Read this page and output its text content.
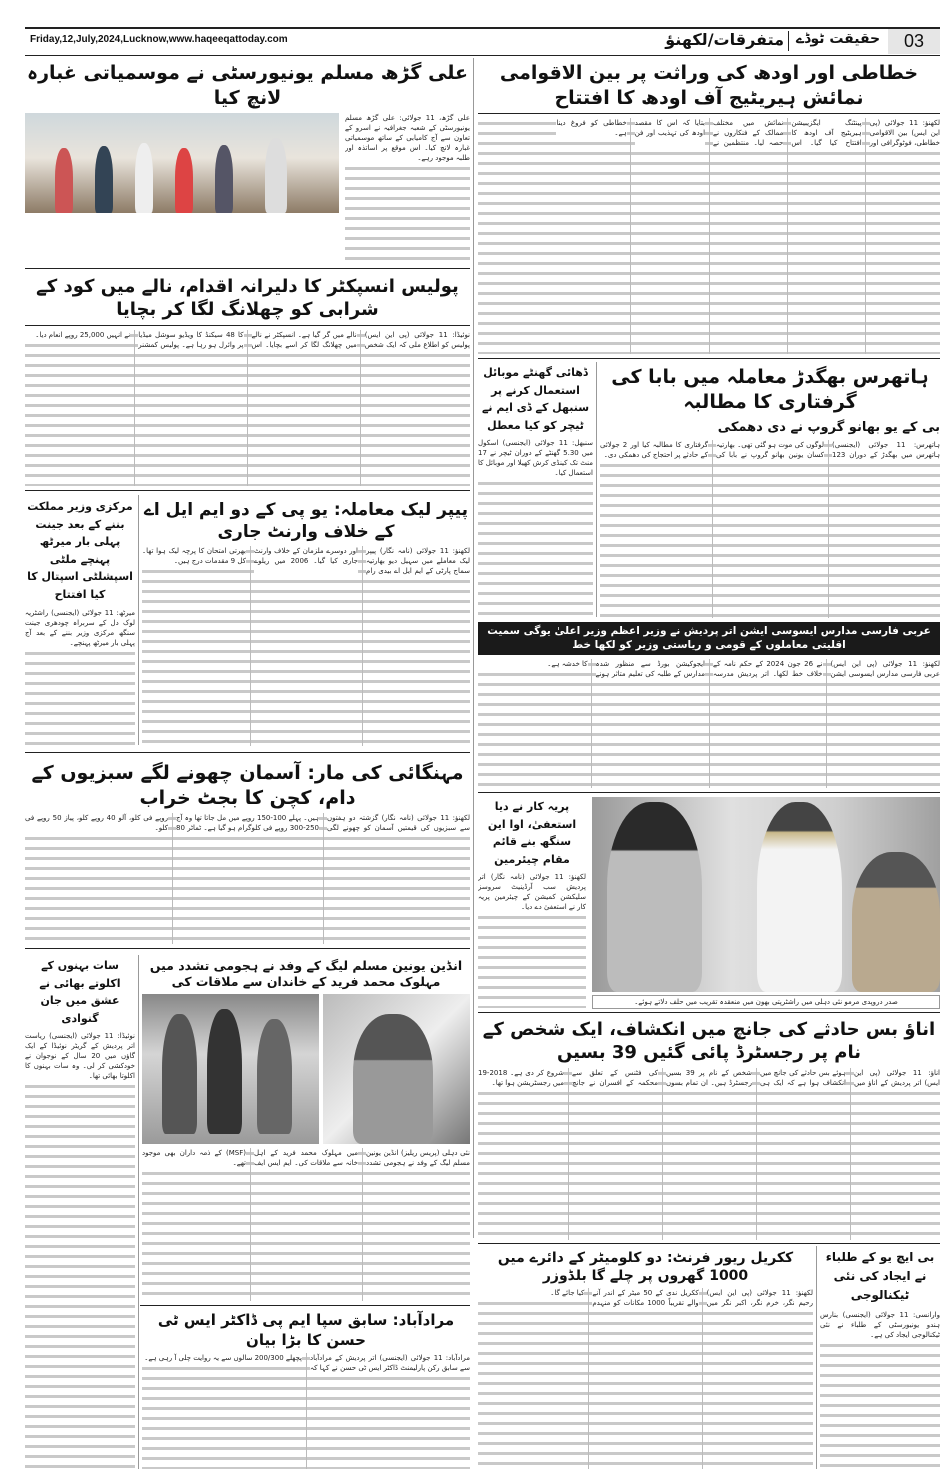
Friday,12,July,2024,Lucknow,www.haqeeqattoday.com	03
حقیقت ٹوڈے
متفرقات/لکھنؤ
خطاطی اور اودھ کی وراثت پر بین الاقوامی نمائش ہیریٹیج آف اودھ کا افتتاح

لکھنؤ: 11 جولائی (پی این ایس) بین الاقوامی خطاطی، فوٹوگرافی اور پینٹنگ ایگزیبیشن ہیریٹیج آف اودھ کا افتتاح کیا گیا۔ اس نمائش میں مختلف ممالک کے فنکاروں نے حصہ لیا۔ منتظمین نے بتایا کہ اس کا مقصد اودھ کی تہذیب اور فن خطاطی کو فروغ دینا ہے۔

علی گڑھ مسلم یونیورسٹی نے موسمیاتی غبارہ لانچ کیا

علی گڑھ، 11 جولائی: علی گڑھ مسلم یونیورسٹی کے شعبہ جغرافیہ نے اسرو کے تعاون سے آج کامیابی کے ساتھ موسمیاتی غبارہ لانچ کیا۔ اس موقع پر اساتذہ اور طلبہ موجود رہے۔

پولیس انسپکٹر کا دلیرانہ اقدام، نالے میں کود کے شرابی کو چھلانگ لگا کر بچایا

نوئیڈا: 11 جولائی (پی این ایس) پولیس کو اطلاع ملی کہ ایک شخص نالے میں گر گیا ہے۔ انسپکٹر نے نالے میں چھلانگ لگا کر اسے بچایا۔ اس کا 48 سیکنڈ کا ویڈیو سوشل میڈیا پر وائرل ہو رہا ہے۔ پولیس کمشنر نے انہیں 25,000 روپے انعام دیا۔

ہاتھرس بھگدڑ معاملہ میں بابا کی گرفتاری کا مطالبہ
بی کے یو بھانو گروپ نے دی دھمکی

ہاتھرس: 11 جولائی (ایجنسی) ہاتھرس میں بھگدڑ کے دوران 123 لوگوں کی موت ہو گئی تھی۔ بھارتیہ کسان یونین بھانو گروپ نے بابا کی گرفتاری کا مطالبہ کیا اور 2 جولائی کے حادثے پر احتجاج کی دھمکی دی۔

ڈھائی گھنٹے موبائل استعمال کرنے پر سنبھل کے ڈی ایم نے ٹیچر کو کیا معطل

سنبھل: 11 جولائی (ایجنسی) اسکول میں 5.30 گھنٹے کے دوران ٹیچر نے 17 منٹ تک کینڈی کرش کھیلا اور موبائل کا استعمال کیا۔

مرکزی وزیر مملکت بننے کے بعد جینت پہلی بار میرٹھ پہنچے ملٹی اسپشلٹی اسپتال کا کیا افتتاح

میرٹھ: 11 جولائی (ایجنسی) راشٹریہ لوک دل کے سربراہ چودھری جینت سنگھ مرکزی وزیر بننے کے بعد آج پہلی بار میرٹھ پہنچے۔

پیپر لیک معاملہ: یو پی کے دو ایم ایل اے کے خلاف وارنٹ جاری

لکھنؤ: 11 جولائی (نامہ نگار) پیپر لیک معاملے میں سہیل دیو بھارتیہ سماج پارٹی کے ایم ایل اے بیدی رام اور دوسرے ملزمان کے خلاف وارنٹ جاری کیا گیا۔ 2006 میں ریلوے بھرتی امتحان کا پرچہ لیک ہوا تھا۔ کل 9 مقدمات درج ہیں۔

عربی فارسی مدارس ایسوسی ایشن اتر پردیش نے وزیر اعظم وزیر اعلیٰ یوگی سمیت اقلیتی معاملوں کے قومی و ریاستی وزیر کو لکھا خط

لکھنؤ: 11 جولائی (پی این ایس) عربی فارسی مدارس ایسوسی ایشن نے 26 جون 2024 کے حکم نامہ کے خلاف خط لکھا۔ اتر پردیش مدرسہ ایجوکیشن بورڈ سے منظور شدہ مدارس کے طلبہ کی تعلیم متاثر ہونے کا خدشہ ہے۔

مہنگائی کی مار: آسمان چھونے لگے سبزیوں کے دام، کچن کا بجٹ خراب

لکھنؤ: 11 جولائی (نامہ نگار) گزشتہ دو ہفتوں سے سبزیوں کی قیمتیں آسمان کو چھونے لگی ہیں۔ پہلے 100-150 روپے میں مل جاتا تھا وہ آج 250-300 روپے فی کلوگرام ہو گیا ہے۔ ٹماٹر 80 روپے فی کلو، آلو 40 روپے کلو، پیاز 50 روپے فی کلو۔

پریہ کار نے دیا استعفیٰ، اوا این سنگھ بنے قائم مقام چیئرمین

لکھنؤ: 11 جولائی (نامہ نگار) اتر پردیش سب آرڈینیٹ سروسز سلیکشن کمیشن کے چیئرمین پریہ کار نے استعفیٰ دے دیا۔

صدر دروپدی مرمو نئی دہلی میں راشٹرپتی بھون میں منعقدہ تقریب میں حلف دلاتے ہوئے۔
اناؤ بس حادثے کی جانچ میں انکشاف، ایک شخص کے نام پر رجسٹرڈ پائی گئیں 39 بسیں

اناؤ: 11 جولائی (پی این ایس) اتر پردیش کے اناؤ میں ہوئے بس حادثے کی جانچ میں انکشاف ہوا ہے کہ ایک ہی شخص کے نام پر 39 بسیں رجسٹرڈ ہیں۔ ان تمام بسوں کی فٹنس کے تعلق سے محکمہ کے افسران نے جانچ شروع کر دی ہے۔ 2018-19 میں رجسٹریشن ہوا تھا۔

سات بہنوں کے اکلوتے بھائی نے عشق میں جان گنوادی

نوئیڈا: 11 جولائی (ایجنسی) ریاست اتر پردیش کے گریٹر نوئیڈا کے ایک گاؤں میں 20 سال کے نوجوان نے خودکشی کر لی۔ وہ سات بہنوں کا اکلوتا بھائی تھا۔

انڈین یونین مسلم لیگ کے وفد نے ہجومی تشدد میں مہلوک محمد فرید کے خاندان سے ملاقات کی

نئی دہلی (پریس ریلیز) انڈین یونین مسلم لیگ کے وفد نے ہجومی تشدد میں مہلوک محمد فرید کے اہل خانہ سے ملاقات کی۔ ایم ایس ایف (MSF) کے ذمہ داران بھی موجود تھے۔

مرادآباد: سابق سپا ایم پی ڈاکٹر ایس ٹی حسن کا بڑا بیان

مرادآباد: 11 جولائی (ایجنسی) اتر پردیش کے مرادآباد سے سابق رکن پارلیمنٹ ڈاکٹر ایس ٹی حسن نے کہا کہ پچھلے 200/300 سالوں سے یہ روایت چلی آ رہی ہے۔

ککریل ریور فرنٹ: دو کلومیٹر کے دائرے میں 1000 گھروں پر چلے گا بلڈوزر

لکھنؤ: 11 جولائی (پی این ایس) رحیم نگر، خرم نگر، اکبر نگر میں ککریل ندی کے 50 میٹر کے اندر آنے والے تقریباً 1000 مکانات کو منہدم کیا جائے گا۔

بی ایچ یو کے طلباء نے ایجاد کی نئی ٹیکنالوجی

وارانسی: 11 جولائی (ایجنسی) بنارس ہندو یونیورسٹی کے طلباء نے نئی ٹیکنالوجی ایجاد کی ہے۔
